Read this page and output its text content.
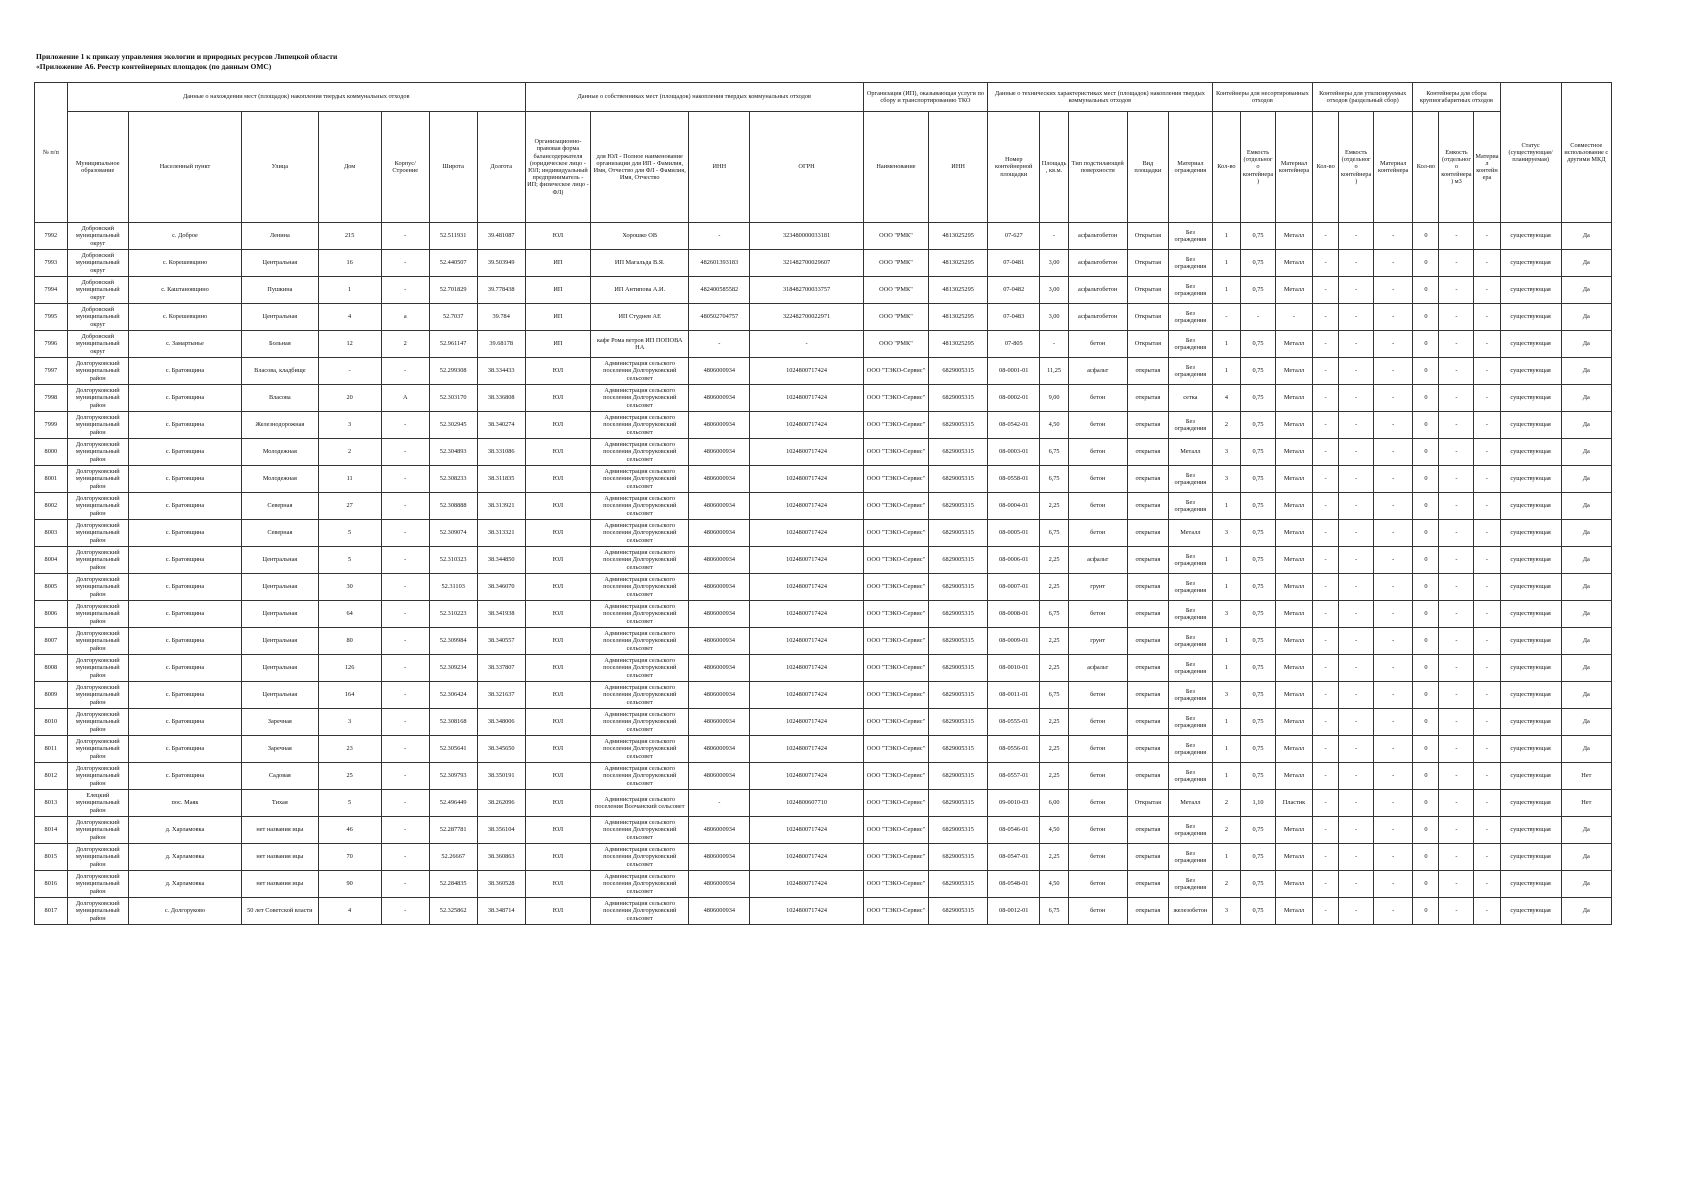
Приложение 1 к приказу управления экологии и природных ресурсов Липецкой области
«Приложение А6. Реестр контейнерных площадок (по данным ОМС)
№ п/п	Данные о нахождении мест (площадок) накопления твердых коммунальных отходов							Данные о собственниках мест (площадок) накопления твердых коммунальных отходов				Организация (ИП), оказывающая услуги по сбору и транспортированию ТКО		Данные о технических характеристиках мест (площадок) накопления твердых коммунальных отходов					Контейнеры для несортированных отходов			Контейнеры для утилизируемых отходов (раздельный сбор)			Контейнеры для сбора крупногабаритных отходов			Статус (существующая/ планируемая)	Совместное использование с другими МКД
	Муниципальное образование	Населенный пункт	Улица	Дом	Корпус/Строение	Широта	Долгота	Организационно-правовая форма балансодержателя (юридическое лицо - ЮЛ; индивидуальный предприниматель - ИП; физическое лицо - ФЛ)	для ЮЛ - Полное наименование организации для ИП - Фамилия, Имя, Отчество для ФЛ - Фамилия, Имя, Отчество	ИНН	ОГРН	Наименование	ИНН	Номер контейнерной площадки	Площадь, кв.м.	Тип подстилающей поверхности	Вид площадки	Материал ограждения	Кол-во	Емкость (отдельного контейнера)	Материал контейнера	Кол-во	Емкость (отдельного контейнера)	Материал контейнера	Кол-во	Емкость (отдельного контейнера) м3	Материал контейнера		
7992	Добровский муниципальный округ	с. Доброе	Ленина	215	-	52.511931	39.481087	ЮЛ	Хорошко ОВ	-	323480000033181	ООО "РМК"	4813025295	07-627	-	асфальтобетон	Открытая	Без ограждения	1	0,75	Металл	-	-	-	0	-	-	существующая	Да
7993	Добровский муниципальный округ	с. Корешевщино	Центральная	16	-	52.440507	39.503949	ИП	ИП Магальда В.Я.	482601393183	321482700029607	ООО "РМК"	4813025295	07-0481	3,00	асфальтобетон	Открытая	Без ограждения	1	0,75	Металл	-	-	-	0	-	-	существующая	Да
7994	Добровский муниципальный округ	с. Каштановщино	Пушкина	1	-	52.701829	39.778438	ИП	ИП Антипова А.И.	482400585582	318482700033757	ООО "РМК"	4813025295	07-0482	3,00	асфальтобетон	Открытая	Без ограждения	1	0,75	Металл	-	-	-	0	-	-	существующая	Да
7995	Добровский муниципальный округ	с. Корешевщино	Центральная	4	а	52.7037	39.784	ИП	ИП Студнев АЕ	480502704757	322482700022971	ООО "РМК"	4813025295	07-0483	3,00	асфальтобетон	Открытая	Без ограждения	-	-	-	-	-	-	0	-	-	существующая	Да
7996	Добровский муниципальный округ	с. Замартынье	Больная	12	2	52.961147	39.68178	ИП	кафе Рома ветров ИП ПОПОВА НА	-	-	ООО "РМК"	4813025295	07-805	-	бетон	Открытая	Без ограждения	1	0,75	Металл	-	-	-	0	-	-	существующая	Да
7997	Долгоруковский муниципальный район	с. Братовщина	Власова, кладбище	-	-	52.299308	38.334433	ЮЛ	Администрация сельского поселения Долгоруковский сельсовет	4806000934	1024800717424	ООО "ТЭКО-Сервис"	6829005315	08-0001-01	11,25	асфальт	открытая	Без ограждения	1	0,75	Металл	-	-	-	0	-	-	существующая	Да
7998	Долгоруковский муниципальный район	с. Братовщина	Власова	20	А	52.303170	38.336808	ЮЛ	Администрация сельского поселения Долгоруковский сельсовет	4806000934	1024800717424	ООО "ТЭКО-Сервис"	6829005315	08-0002-01	9,00	бетон	открытая	сетка	4	0,75	Металл	-	-	-	0	-	-	существующая	Да
7999	Долгоруковский муниципальный район	с. Братовщина	Железнодорожная	3	-	52.302945	38.340274	ЮЛ	Администрация сельского поселения Долгоруковский сельсовет	4806000934	1024800717424	ООО "ТЭКО-Сервис"	6829005315	08-0542-01	4,50	бетон	открытая	Без ограждения	2	0,75	Металл	-	-	-	0	-	-	существующая	Да
8000	Долгоруковский муниципальный район	с. Братовщина	Молодежная	2	-	52.304893	38.331086	ЮЛ	Администрация сельского поселения Долгоруковский сельсовет	4806000934	1024800717424	ООО "ТЭКО-Сервис"	6829005315	08-0003-01	6,75	бетон	открытая	Металл	3	0,75	Металл	-	-	-	0	-	-	существующая	Да
8001	Долгоруковский муниципальный район	с. Братовщина	Молодежная	11	-	52.308233	38.311835	ЮЛ	Администрация сельского поселения Долгоруковский сельсовет	4806000934	1024800717424	ООО "ТЭКО-Сервис"	6829005315	08-0558-01	6,75	бетон	открытая	Без ограждения	3	0,75	Металл	-	-	-	0	-	-	существующая	Да
8002	Долгоруковский муниципальный район	с. Братовщина	Северная	27	-	52.308888	38.313921	ЮЛ	Администрация сельского поселения Долгоруковский сельсовет	4806000934	1024800717424	ООО "ТЭКО-Сервис"	6829005315	08-0004-01	2,25	бетон	открытая	Без ограждения	1	0,75	Металл	-	-	-	0	-	-	существующая	Да
8003	Долгоруковский муниципальный район	с. Братовщина	Северная	5	-	52.309074	38.313321	ЮЛ	Администрация сельского поселения Долгоруковский сельсовет	4806000934	1024800717424	ООО "ТЭКО-Сервис"	6829005315	08-0005-01	6,75	бетон	открытая	Металл	3	0,75	Металл	-	-	-	0	-	-	существующая	Да
8004	Долгоруковский муниципальный район	с. Братовщина	Центральная	5	-	52.310323	38.344850	ЮЛ	Администрация сельского поселения Долгоруковский сельсовет	4806000934	1024800717424	ООО "ТЭКО-Сервис"	6829005315	08-0006-01	2,25	асфальт	открытая	Без ограждения	1	0,75	Металл	-	-	-	0	-	-	существующая	Да
8005	Долгоруковский муниципальный район	с. Братовщина	Центральная	30	-	52.31103	38.346070	ЮЛ	Администрация сельского поселения Долгоруковский сельсовет	4806000934	1024800717424	ООО "ТЭКО-Сервис"	6829005315	08-0007-01	2,25	грунт	открытая	Без ограждения	1	0,75	Металл	-	-	-	0	-	-	существующая	Да
8006	Долгоруковский муниципальный район	с. Братовщина	Центральная	64	-	52.310223	38.341938	ЮЛ	Администрация сельского поселения Долгоруковский сельсовет	4806000934	1024800717424	ООО "ТЭКО-Сервис"	6829005315	08-0008-01	6,75	бетон	открытая	Без ограждения	3	0,75	Металл	-	-	-	0	-	-	существующая	Да
8007	Долгоруковский муниципальный район	с. Братовщина	Центральная	80	-	52.309984	38.340557	ЮЛ	Администрация сельского поселения Долгоруковский сельсовет	4806000934	1024800717424	ООО "ТЭКО-Сервис"	6829005315	08-0009-01	2,25	грунт	открытая	Без ограждения	1	0,75	Металл	-	-	-	0	-	-	существующая	Да
8008	Долгоруковский муниципальный район	с. Братовщина	Центральная	126	-	52.309234	38.337807	ЮЛ	Администрация сельского поселения Долгоруковский сельсовет	4806000934	1024800717424	ООО "ТЭКО-Сервис"	6829005315	08-0010-01	2,25	асфальт	открытая	Без ограждения	1	0,75	Металл	-	-	-	0	-	-	существующая	Да
8009	Долгоруковский муниципальный район	с. Братовщина	Центральная	164	-	52.306424	38.321637	ЮЛ	Администрация сельского поселения Долгоруковский сельсовет	4806000934	1024800717424	ООО "ТЭКО-Сервис"	6829005315	08-0011-01	6,75	бетон	открытая	Без ограждения	3	0,75	Металл	-	-	-	0	-	-	существующая	Да
8010	Долгоруковский муниципальный район	с. Братовщина	Заречная	3	-	52.308168	38.348006	ЮЛ	Администрация сельского поселения Долгоруковский сельсовет	4806000934	1024800717424	ООО "ТЭКО-Сервис"	6829005315	08-0555-01	2,25	бетон	открытая	Без ограждения	1	0,75	Металл	-	-	-	0	-	-	существующая	Да
8011	Долгоруковский муниципальный район	с. Братовщина	Заречная	23	-	52.305641	38.345650	ЮЛ	Администрация сельского поселения Долгоруковский сельсовет	4806000934	1024800717424	ООО "ТЭКО-Сервис"	6829005315	08-0556-01	2,25	бетон	открытая	Без ограждения	1	0,75	Металл	-	-	-	0	-	-	существующая	Да
8012	Долгоруковский муниципальный район	с. Братовщина	Садовая	25	-	52.309793	38.350191	ЮЛ	Администрация сельского поселения Долгоруковский сельсовет	4806000934	1024800717424	ООО "ТЭКО-Сервис"	6829005315	08-0557-01	2,25	бетон	открытая	Без ограждения	1	0,75	Металл	-	-	-	0	-	-	существующая	Нет
8013	Елецкий муниципальный район	пос. Маяк	Тихая	5	-	52.496449	38.262096	ЮЛ	Администрация сельского поселения Волчанский сельсовет	-	1024800607710	ООО "ТЭКО-Сервис"	6829005315	09-0010-03	6,00	бетон	Открытая	Металл	2	1,10	Пластик	-	-	-	0	-	-	существующая	Нет
8014	Долгоруковский муниципальный район	д. Харламовка	нет названия ицы	46	-	52.287781	38.356104	ЮЛ	Администрация сельского поселения Долгоруковский сельсовет	4806000934	1024800717424	ООО "ТЭКО-Сервис"	6829005315	08-0546-01	4,50	бетон	открытая	Без ограждения	2	0,75	Металл	-	-	-	0	-	-	существующая	Да
8015	Долгоруковский муниципальный район	д. Харламовка	нет названия ицы	70	-	52.26667	38.360863	ЮЛ	Администрация сельского поселения Долгоруковский сельсовет	4806000934	1024800717424	ООО "ТЭКО-Сервис"	6829005315	08-0547-01	2,25	бетон	открытая	Без ограждения	1	0,75	Металл	-	-	-	0	-	-	существующая	Да
8016	Долгоруковский муниципальный район	д. Харламовка	нет названия ицы	90	-	52.284835	38.360528	ЮЛ	Администрация сельского поселения Долгоруковский сельсовет	4806000934	1024800717424	ООО "ТЭКО-Сервис"	6829005315	08-0548-01	4,50	бетон	открытая	Без ограждения	2	0,75	Металл	-	-	-	0	-	-	существующая	Да
8017	Долгоруковский муниципальный район	с. Долгоруково	50 лет Советской власти	4	-	52.325862	38.348714	ЮЛ	Администрация сельского поселения Долгоруковский сельсовет	4806000934	1024800717424	ООО "ТЭКО-Сервис"	6829005315	08-0012-01	6,75	бетон	открытая	железобетон	3	0,75	Металл	-	-	-	0	-	-	существующая	Да
